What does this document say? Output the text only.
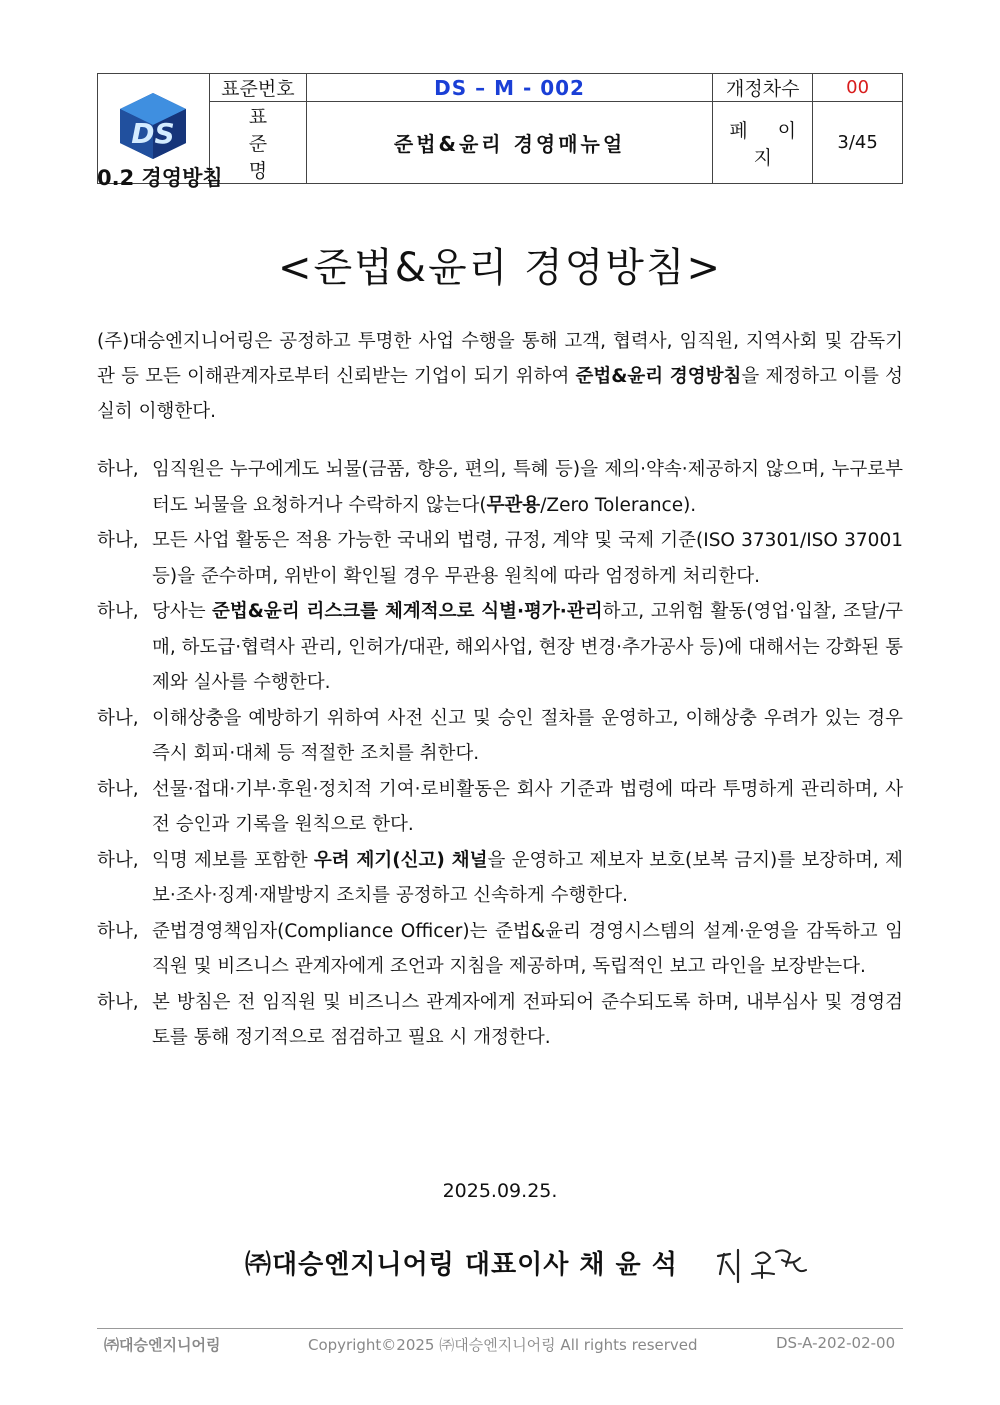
DS	표준번호	DS – M - 002	개정차수	00
	표 준 명	준법&윤리 경영매뉴얼	페 이 지	3/45
0.2 경영방침
<준법&윤리 경영방침>

(주)대승엔지니어링은 공정하고 투명한 사업 수행을 통해 고객, 협력사, 임직원, 지역사회 및 감독기관 등 모든 이해관계자로부터 신뢰받는 기업이 되기 위하여 준법&윤리 경영방침을 제정하고 이를 성실히 이행한다.

하나, 임직원은 누구에게도 뇌물(금품, 향응, 편의, 특혜 등)을 제의·약속·제공하지 않으며, 누구로부터도 뇌물을 요청하거나 수락하지 않는다(무관용/Zero Tolerance).

하나, 모든 사업 활동은 적용 가능한 국내외 법령, 규정, 계약 및 국제 기준(ISO 37301/ISO 37001 등)을 준수하며, 위반이 확인될 경우 무관용 원칙에 따라 엄정하게 처리한다.

하나, 당사는 준법&윤리 리스크를 체계적으로 식별·평가·관리하고, 고위험 활동(영업·입찰, 조달/구매, 하도급·협력사 관리, 인허가/대관, 해외사업, 현장 변경·추가공사 등)에 대해서는 강화된 통제와 실사를 수행한다.

하나, 이해상충을 예방하기 위하여 사전 신고 및 승인 절차를 운영하고, 이해상충 우려가 있는 경우 즉시 회피·대체 등 적절한 조치를 취한다.

하나, 선물·접대·기부·후원·정치적 기여·로비활동은 회사 기준과 법령에 따라 투명하게 관리하며, 사전 승인과 기록을 원칙으로 한다.

하나, 익명 제보를 포함한 우려 제기(신고) 채널을 운영하고 제보자 보호(보복 금지)를 보장하며, 제보·조사·징계·재발방지 조치를 공정하고 신속하게 수행한다.

하나, 준법경영책임자(Compliance Officer)는 준법&윤리 경영시스템의 설계·운영을 감독하고 임직원 및 비즈니스 관계자에게 조언과 지침을 제공하며, 독립적인 보고 라인을 보장받는다.

하나, 본 방침은 전 임직원 및 비즈니스 관계자에게 전파되어 준수되도록 하며, 내부심사 및 경영검토를 통해 정기적으로 점검하고 필요 시 개정한다.

2025.09.25.
㈜대승엔지니어링 대표이사 채 윤 석
㈜대승엔지니어링	Copyright©2025 ㈜대승엔지니어링 All rights reserved	DS-A-202-02-00
